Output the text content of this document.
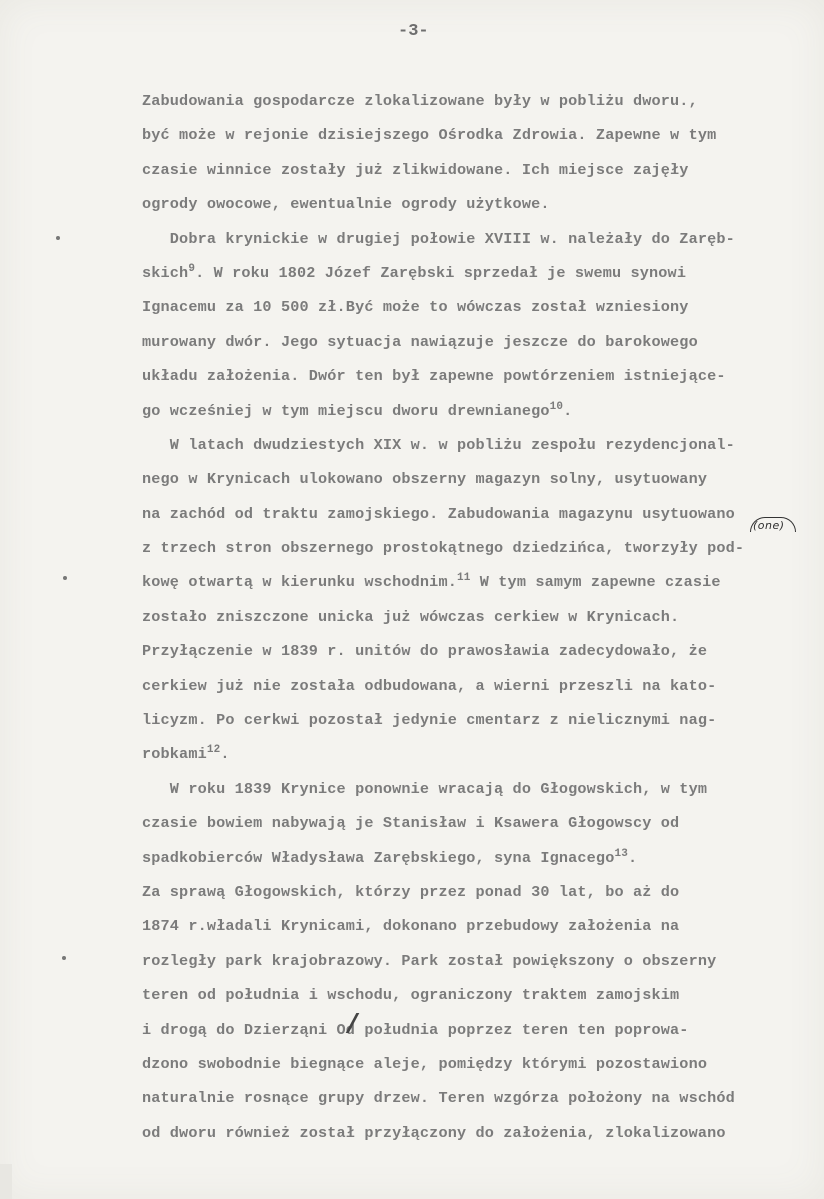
-3-
Zabudowania gospodarcze zlokalizowane były w pobliżu dworu.,
być może w rejonie dzisiejszego Ośrodka Zdrowia. Zapewne w tym
czasie winnice zostały już zlikwidowane. Ich miejsce zajęły
ogrody owocowe, ewentualnie ogrody użytkowe.
Dobra krynickie w drugiej połowie XVIII w. należały do Zaręb-
skich$^9$. W roku 1802 Józef Zarębski sprzedał je swemu synowi
Ignacemu za 10 500 zł.Być może to wówczas został wzniesiony
murowany dwór. Jego sytuacja nawiązuje jeszcze do barokowego
układu założenia. Dwór ten był zapewne powtórzeniem istniejące-
go wcześniej w tym miejscu dworu drewnianego$^{10}$.
W latach dwudziestych XIX w. w pobliżu zespołu rezydencjonal-
nego w Krynicach ulokowano obszerny magazyn solny, usytuowany
na zachód od traktu zamojskiego. Zabudowania magazynu usytuowano
z trzech stron obszernego prostokątnego dziedzińca, tworzyły pod-
kowę otwartą w kierunku wschodnim.$^{11}$ W tym samym zapewne czasie
zostało zniszczone unicka już wówczas cerkiew w Krynicach.
Przyłączenie w 1839 r. unitów do prawosławia zadecydowało, że
cerkiew już nie została odbudowana, a wierni przeszli na kato-
licyzm. Po cerkwi pozostał jedynie cmentarz z nielicznymi nag-
robkami$^{12}$.
W roku 1839 Krynice ponownie wracają do Głogowskich, w tym
czasie bowiem nabywają je Stanisław i Ksawera Głogowscy od
spadkobierców Władysława Zarębskiego, syna Ignacego$^{13}$.
Za sprawą Głogowskich, którzy przez ponad 30 lat, bo aż do
1874 r.władali Krynicami, dokonano przebudowy założenia na
rozległy park krajobrazowy. Park został powiększony o obszerny
teren od południa i wschodu, ograniczony traktem zamojskim
i drogą do Dzierząni Od południa poprzez teren ten poprowa-
dzono swobodnie biegnące aleje, pomiędzy którymi pozostawiono
naturalnie rosnące grupy drzew. Teren wzgórza położony na wschód
od dworu również został przyłączony do założenia, zlokalizowano
(one)
